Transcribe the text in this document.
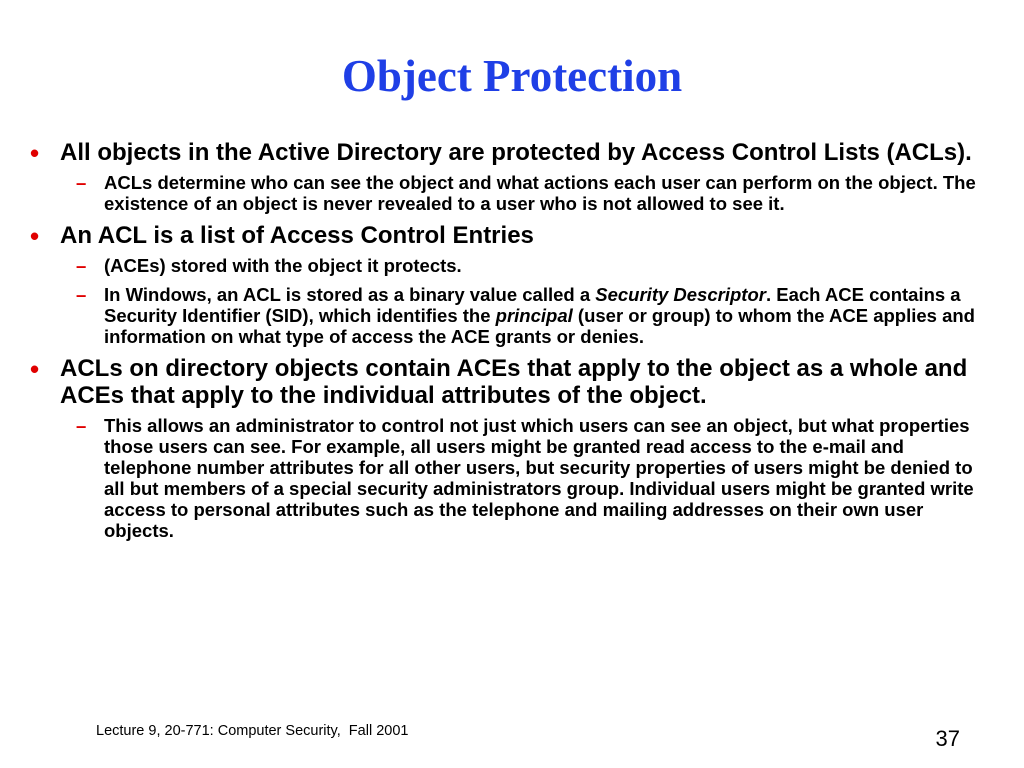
Object Protection
• All objects in the Active Directory are protected by Access Control Lists (ACLs).
– ACLs determine who can see the object and what actions each user can perform on the object. The existence of an object is never revealed to a user who is not allowed to see it.
• An ACL is a list of Access Control Entries
– (ACEs) stored with the object it protects.
– In Windows, an ACL is stored as a binary value called a Security Descriptor. Each ACE contains a Security Identifier (SID), which identifies the principal (user or group) to whom the ACE applies and information on what type of access the ACE grants or denies.
• ACLs on directory objects contain ACEs that apply to the object as a whole and ACEs that apply to the individual attributes of the object.
– This allows an administrator to control not just which users can see an object, but what properties those users can see. For example, all users might be granted read access to the e-mail and telephone number attributes for all other users, but security properties of users might be denied to all but members of a special security administrators group. Individual users might be granted write access to personal attributes such as the telephone and mailing addresses on their own user objects.
Lecture 9, 20-771: Computer Security,  Fall 2001	37
